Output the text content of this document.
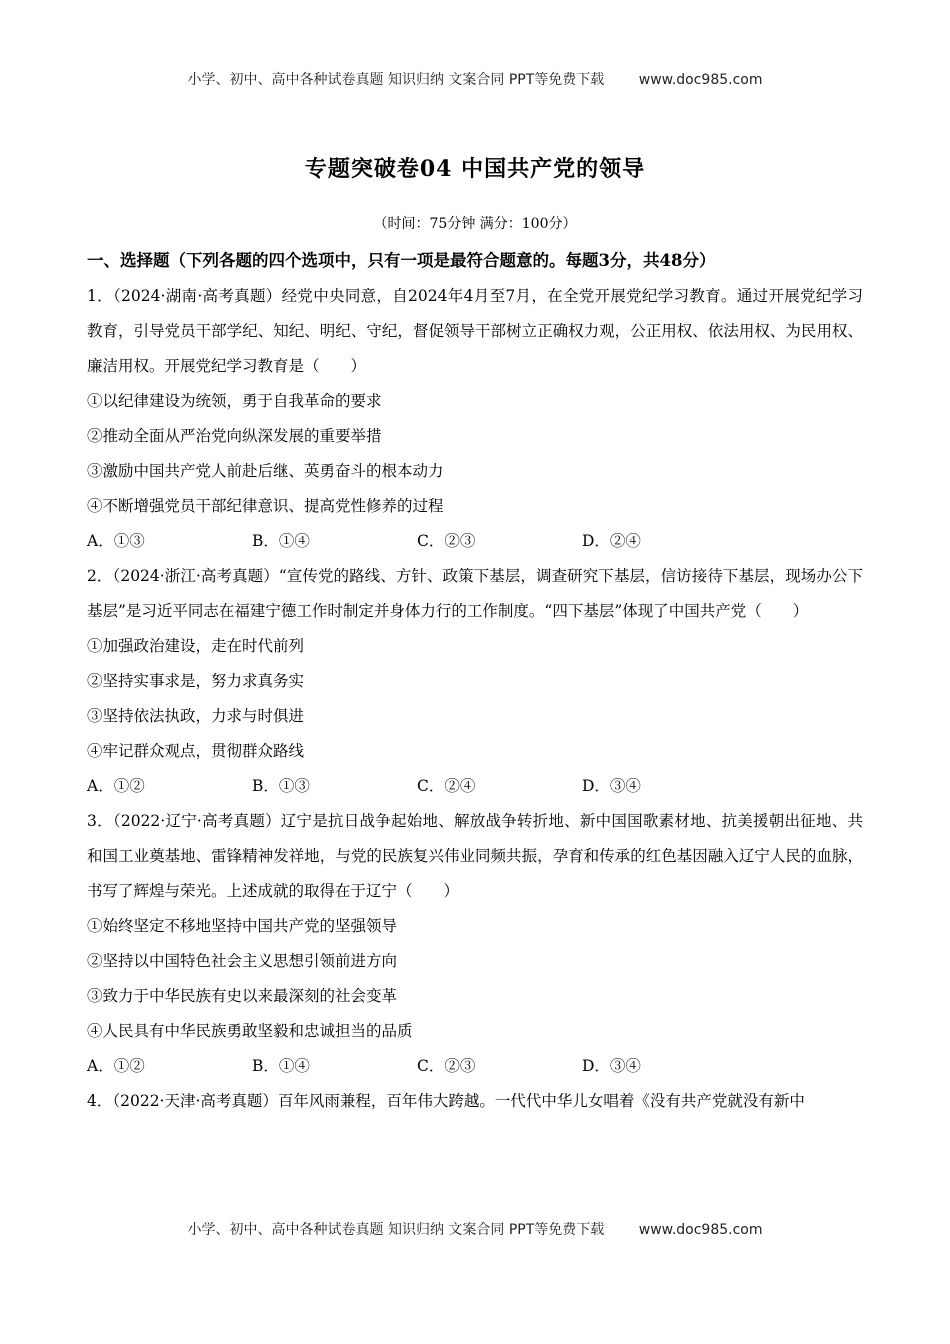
小学、初中、高中各种试卷真题 知识归纳 文案合同 PPT等免费下载 www.doc985.com
专题突破卷04 中国共产党的领导
（时间：75分钟 满分：100分）
一、选择题（下列各题的四个选项中，只有一项是最符合题意的。每题3分，共48分）
1．（2024·湖南·高考真题）经党中央同意，自2024年4月至7月，在全党开展党纪学习教育。通过开展党纪学习教育，引导党员干部学纪、知纪、明纪、守纪，督促领导干部树立正确权力观，公正用权、依法用权、为民用权、廉洁用权。开展党纪学习教育是（　　）
①以纪律建设为统领，勇于自我革命的要求
②推动全面从严治党向纵深发展的重要举措
③激励中国共产党人前赴后继、英勇奋斗的根本动力
④不断增强党员干部纪律意识、提高党性修养的过程
A．①③	B．①④	C．②③	D．②④
2．（2024·浙江·高考真题）“宣传党的路线、方针、政策下基层，调查研究下基层，信访接待下基层，现场办公下基层”是习近平同志在福建宁德工作时制定并身体力行的工作制度。“四下基层”体现了中国共产党（　　）
①加强政治建设，走在时代前列
②坚持实事求是，努力求真务实
③坚持依法执政，力求与时俱进
④牢记群众观点，贯彻群众路线
A．①②	B．①③	C．②④	D．③④
3．（2022·辽宁·高考真题）辽宁是抗日战争起始地、解放战争转折地、新中国国歌素材地、抗美援朝出征地、共和国工业奠基地、雷锋精神发祥地，与党的民族复兴伟业同频共振，孕育和传承的红色基因融入辽宁人民的血脉，书写了辉煌与荣光。上述成就的取得在于辽宁（　　）
①始终坚定不移地坚持中国共产党的坚强领导
②坚持以中国特色社会主义思想引领前进方向
③致力于中华民族有史以来最深刻的社会变革
④人民具有中华民族勇敢坚毅和忠诚担当的品质
A．①②	B．①④	C．②③	D．③④
4．（2022·天津·高考真题）百年风雨兼程，百年伟大跨越。一代代中华儿女唱着《没有共产党就没有新中
小学、初中、高中各种试卷真题 知识归纳 文案合同 PPT等免费下载 www.doc985.com
